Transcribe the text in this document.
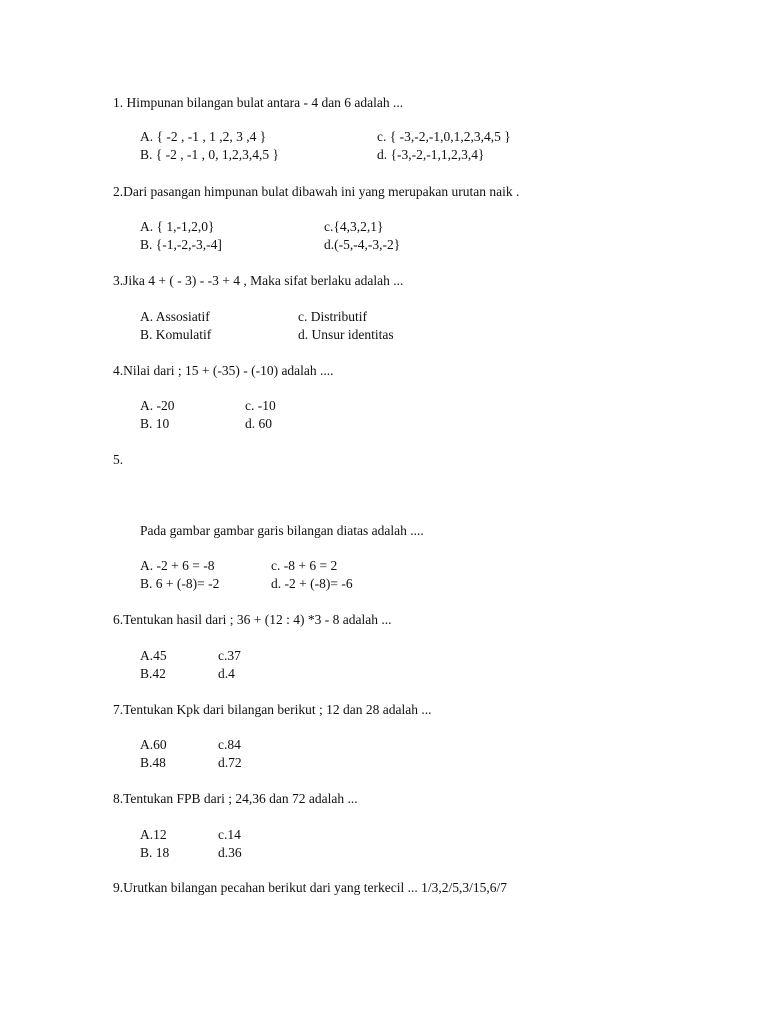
1. Himpunan bilangan bulat antara - 4 dan 6 adalah ...
A. { -2 , -1 , 1 ,2, 3 ,4 }	c. { -3,-2,-1,0,1,2,3,4,5 }
B. { -2 , -1 , 0, 1,2,3,4,5 }	d. {-3,-2,-1,1,2,3,4}
2.Dari pasangan himpunan bulat dibawah ini yang merupakan urutan naik .
A. { 1,-1,2,0}	c.{4,3,2,1}
B. {-1,-2,-3,-4]	d.(-5,-4,-3,-2}
3.Jika 4 + ( - 3) - -3 + 4 , Maka sifat berlaku adalah ...
A. Assosiatif	c. Distributif
B. Komulatif	d. Unsur identitas
4.Nilai dari ; 15 + (-35) - (-10) adalah ....
A. -20	c. -10
B. 10	d. 60
5.
Pada gambar gambar garis bilangan diatas adalah ....
A. -2 + 6 = -8	c. -8 + 6 = 2
B. 6 + (-8)= -2	d. -2 + (-8)= -6
6.Tentukan hasil dari ; 36 + (12 : 4) *3 - 8 adalah ...
A.45	c.37
B.42	d.4
7.Tentukan Kpk dari bilangan berikut ; 12 dan 28 adalah ...
A.60	c.84
B.48	d.72
8.Tentukan FPB dari ; 24,36 dan 72 adalah ...
A.12	c.14
B. 18	d.36
9.Urutkan bilangan pecahan berikut dari yang terkecil ... 1/3,2/5,3/15,6/7
